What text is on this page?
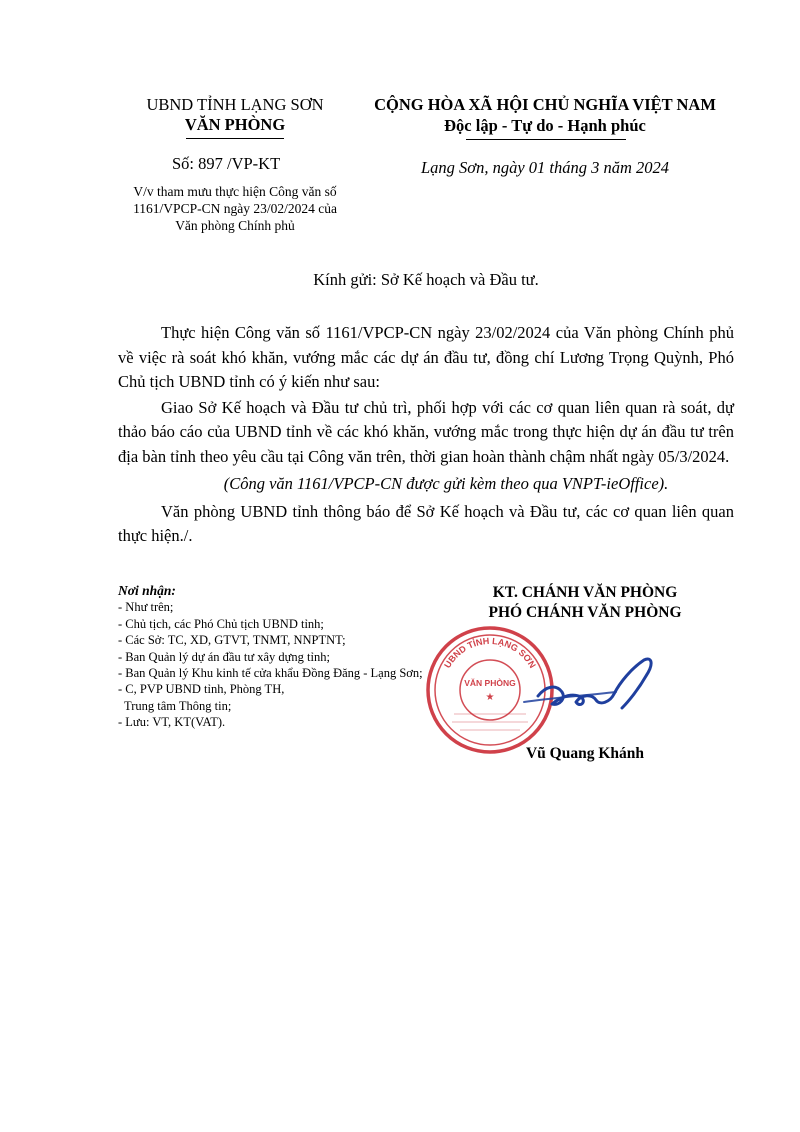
UBND TỈNH LẠNG SƠN
VĂN PHÒNG
Số: 897 /VP-KT
V/v tham mưu thực hiện Công văn số
1161/VPCP-CN ngày 23/02/2024 của
Văn phòng Chính phủ
CỘNG HÒA XÃ HỘI CHỦ NGHĨA VIỆT NAM
Độc lập - Tự do - Hạnh phúc
Lạng Sơn, ngày 01 tháng 3 năm 2024
Kính gửi: Sở Kế hoạch và Đầu tư.

Thực hiện Công văn số 1161/VPCP-CN ngày 23/02/2024 của Văn phòng Chính phủ về việc rà soát khó khăn, vướng mắc các dự án đầu tư, đồng chí Lương Trọng Quỳnh, Phó Chủ tịch UBND tỉnh có ý kiến như sau:

Giao Sở Kế hoạch và Đầu tư chủ trì, phối hợp với các cơ quan liên quan rà soát, dự thảo báo cáo của UBND tỉnh về các khó khăn, vướng mắc trong thực hiện dự án đầu tư trên địa bàn tỉnh theo yêu cầu tại Công văn trên, thời gian hoàn thành chậm nhất ngày 05/3/2024.

(Công văn 1161/VPCP-CN được gửi kèm theo qua VNPT-ieOffice).

Văn phòng UBND tỉnh thông báo để Sở Kế hoạch và Đầu tư, các cơ quan liên quan thực hiện./.

Nơi nhận:
- Như trên;
- Chủ tịch, các Phó Chủ tịch UBND tỉnh;
- Các Sở: TC, XD, GTVT, TNMT, NNPTNT;
- Ban Quản lý dự án đầu tư xây dựng tỉnh;
- Ban Quản lý Khu kinh tế cửa khẩu Đồng Đăng - Lạng Sơn;
- C, PVP UBND tỉnh, Phòng TH,
Trung tâm Thông tin;
- Lưu: VT, KT(VAT).
KT. CHÁNH VĂN PHÒNG
PHÓ CHÁNH VĂN PHÒNG
UBND TỈNH LẠNG SƠN
VĂN PHÒNG
★
Vũ Quang Khánh
